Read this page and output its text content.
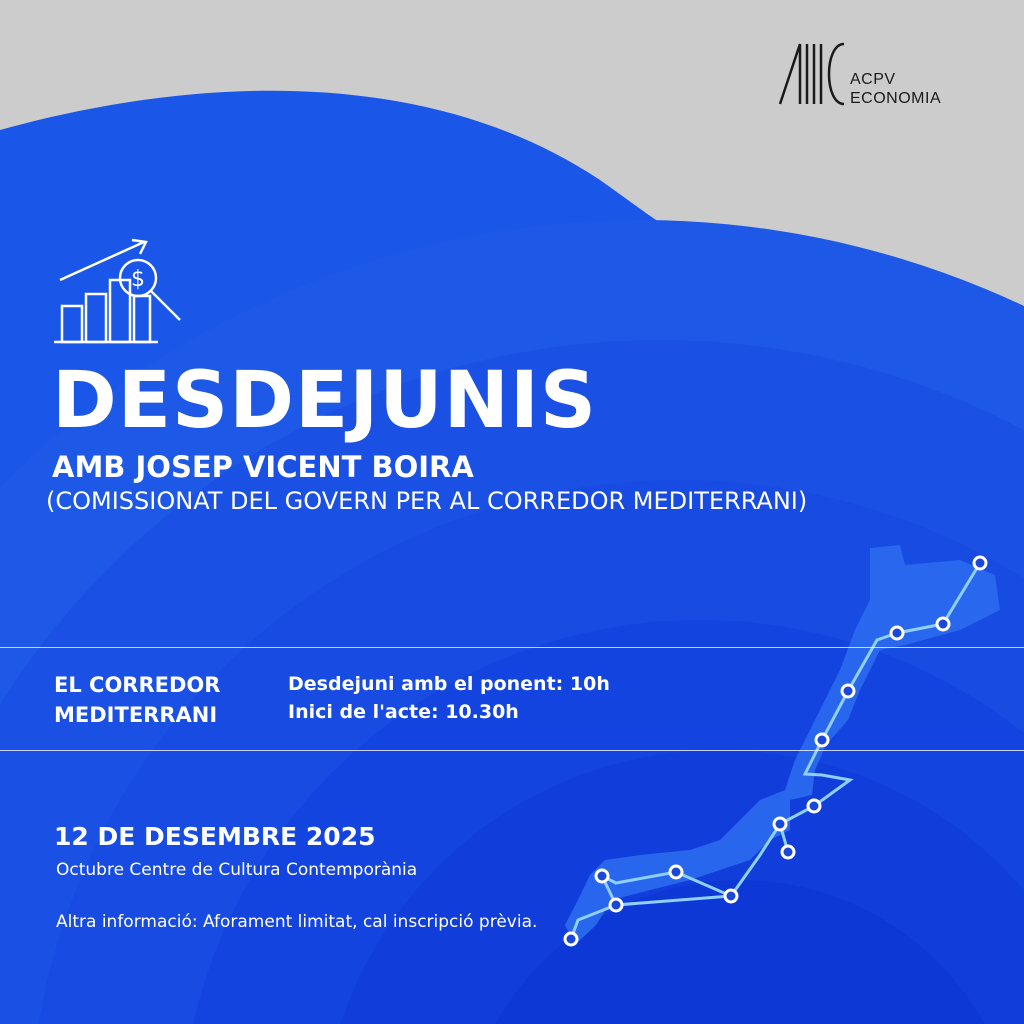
ACPV
ECONOMIA
$
DESDEJUNIS
AMB JOSEP VICENT BOIRA
(COMISSIONAT DEL GOVERN PER AL CORREDOR MEDITERRANI)
EL CORREDOR
MEDITERRANI
Desdejuni amb el ponent: 10h
Inici de l'acte: 10.30h
12 DE DESEMBRE 2025
Octubre Centre de Cultura Contemporània
Altra informació: Aforament limitat, cal inscripció prèvia.
